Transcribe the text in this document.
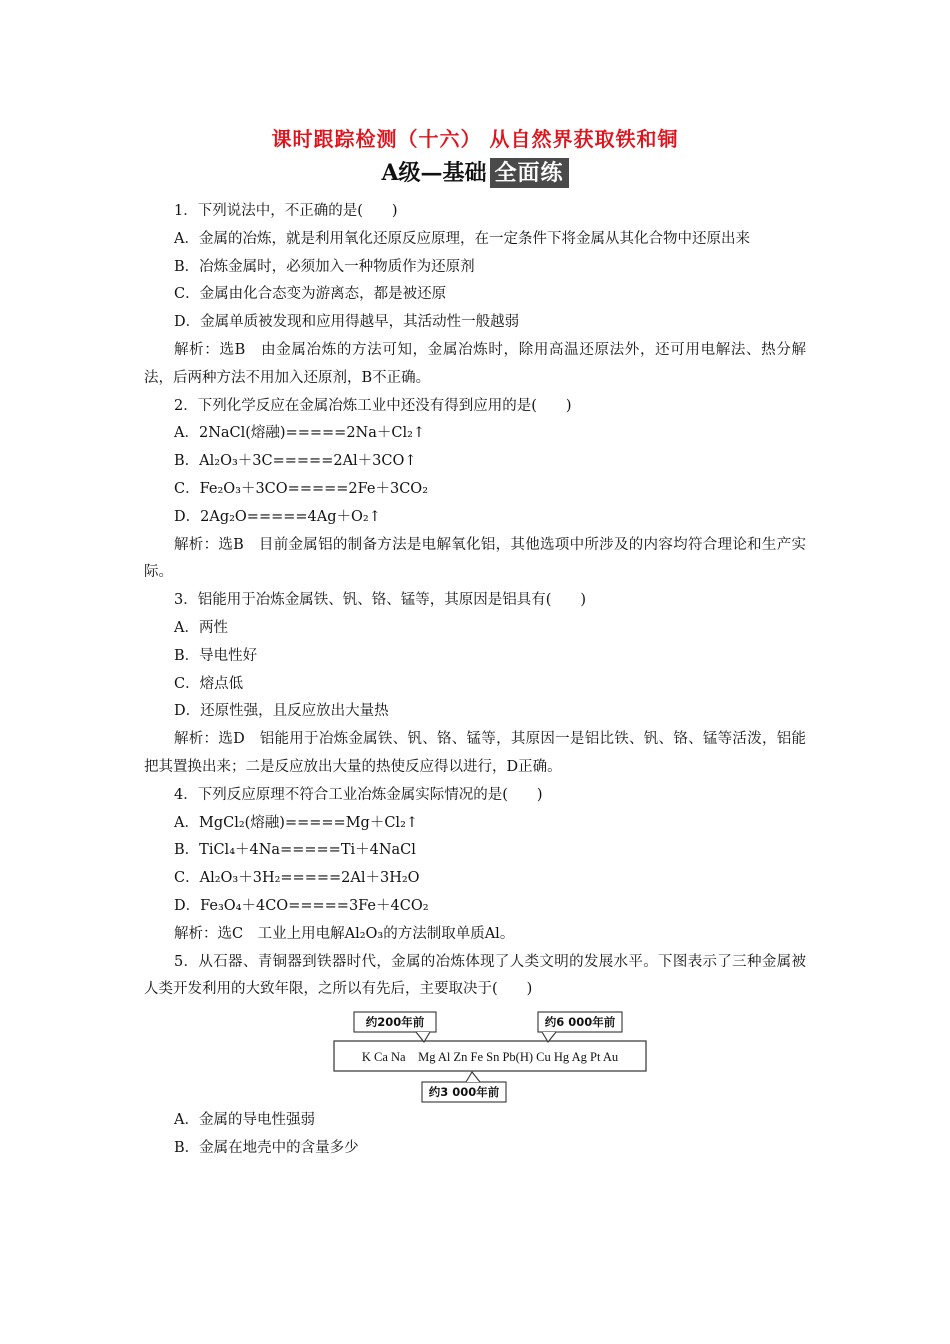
课时跟踪检测（十六） 从自然界获取铁和铜
A级—基础 全面练

1．下列说法中，不正确的是(　　)

A．金属的冶炼，就是利用氧化还原反应原理，在一定条件下将金属从其化合物中还原出来

B．冶炼金属时，必须加入一种物质作为还原剂

C．金属由化合态变为游离态，都是被还原

D．金属单质被发现和应用得越早，其活动性一般越弱

解析：选B　由金属冶炼的方法可知，金属冶炼时，除用高温还原法外，还可用电解法、热分解法，后两种方法不用加入还原剂，B不正确。

2．下列化学反应在金属冶炼工业中还没有得到应用的是(　　)

A．2NaCl(熔融)=====2Na＋Cl₂↑

B．Al₂O₃＋3C=====2Al＋3CO↑

C．Fe₂O₃＋3CO=====2Fe＋3CO₂

D．2Ag₂O=====4Ag＋O₂↑

解析：选B　目前金属铝的制备方法是电解氧化铝，其他选项中所涉及的内容均符合理论和生产实际。

3．铝能用于冶炼金属铁、钒、铬、锰等，其原因是铝具有(　　)

A．两性

B．导电性好

C．熔点低

D．还原性强，且反应放出大量热

解析：选D　铝能用于冶炼金属铁、钒、铬、锰等，其原因一是铝比铁、钒、铬、锰等活泼，铝能把其置换出来；二是反应放出大量的热使反应得以进行，D正确。

4．下列反应原理不符合工业冶炼金属实际情况的是(　　)

A．MgCl₂(熔融)=====Mg＋Cl₂↑

B．TiCl₄＋4Na=====Ti＋4NaCl

C．Al₂O₃＋3H₂=====2Al＋3H₂O

D．Fe₃O₄＋4CO=====3Fe＋4CO₂

解析：选C　工业上用电解Al₂O₃的方法制取单质Al。

5．从石器、青铜器到铁器时代，金属的冶炼体现了人类文明的发展水平。下图表示了三种金属被人类开发利用的大致年限，之所以有先后，主要取决于(　　)

K Ca Na　Mg Al Zn Fe Sn Pb(H) Cu Hg Ag Pt Au
约200年前	约6 000年前
约3 000年前

A．金属的导电性强弱

B．金属在地壳中的含量多少
